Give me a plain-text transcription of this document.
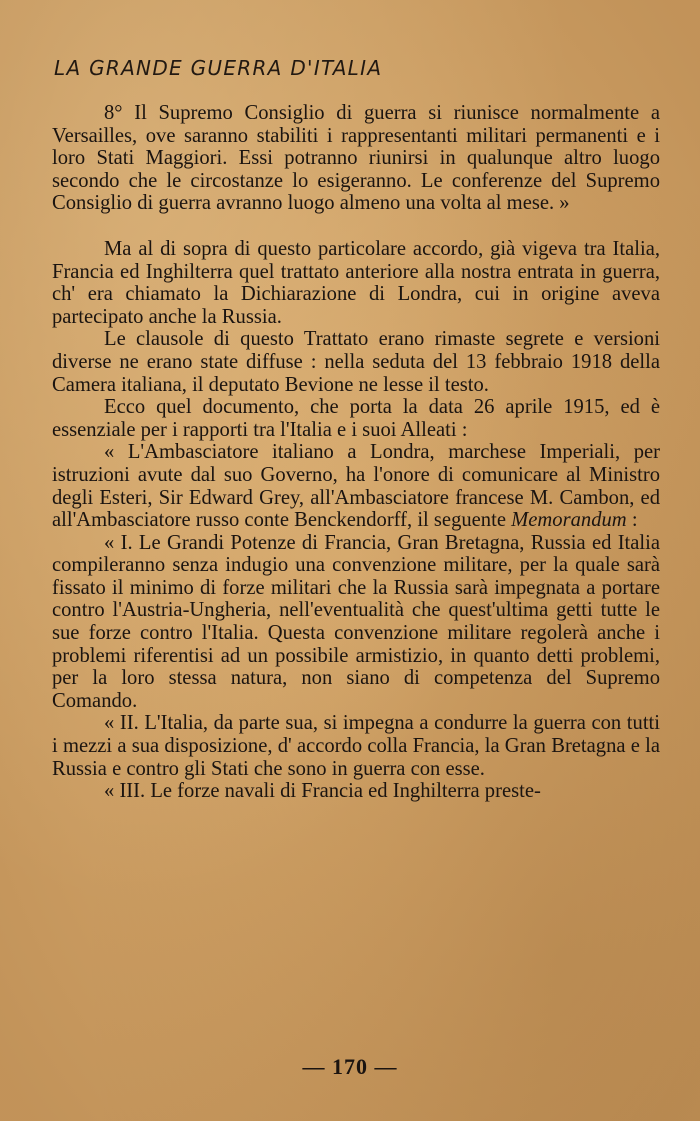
LA GRANDE GUERRA D'ITALIA

8° Il Supremo Consiglio di guerra si riunisce normalmente a Versailles, ove saranno stabiliti i rappresentanti militari permanenti e i loro Stati Maggiori. Essi potranno riunirsi in qualunque altro luogo secondo che le circostanze lo esigeranno. Le conferenze del Supremo Consiglio di guerra avranno luogo almeno una volta al mese. »

Ma al di sopra di questo particolare accordo, già vigeva tra Italia, Francia ed Inghilterra quel trattato anteriore alla nostra entrata in guerra, ch' era chiamato la Dichiarazione di Londra, cui in origine aveva partecipato anche la Russia.

Le clausole di questo Trattato erano rimaste segrete e versioni diverse ne erano state diffuse : nella seduta del 13 febbraio 1918 della Camera italiana, il deputato Bevione ne lesse il testo.

Ecco quel documento, che porta la data 26 aprile 1915, ed è essenziale per i rapporti tra l'Italia e i suoi Alleati :

« L'Ambasciatore italiano a Londra, marchese Imperiali, per istruzioni avute dal suo Governo, ha l'onore di comunicare al Ministro degli Esteri, Sir Edward Grey, all'Ambasciatore francese M. Cambon, ed all'Ambasciatore russo conte Benckendorff, il seguente Memorandum :

« I. Le Grandi Potenze di Francia, Gran Bretagna, Russia ed Italia compileranno senza indugio una convenzione militare, per la quale sarà fissato il minimo di forze militari che la Russia sarà impegnata a portare contro l'Austria-Ungheria, nell'eventualità che quest'ultima getti tutte le sue forze contro l'Italia. Questa convenzione militare regolerà anche i problemi riferentisi ad un possibile armistizio, in quanto detti problemi, per la loro stessa natura, non siano di competenza del Supremo Comando.

« II. L'Italia, da parte sua, si impegna a condurre la guerra con tutti i mezzi a sua disposizione, d' accordo colla Francia, la Gran Bretagna e la Russia e contro gli Stati che sono in guerra con esse.

« III. Le forze navali di Francia ed Inghilterra preste-

— 170 —
